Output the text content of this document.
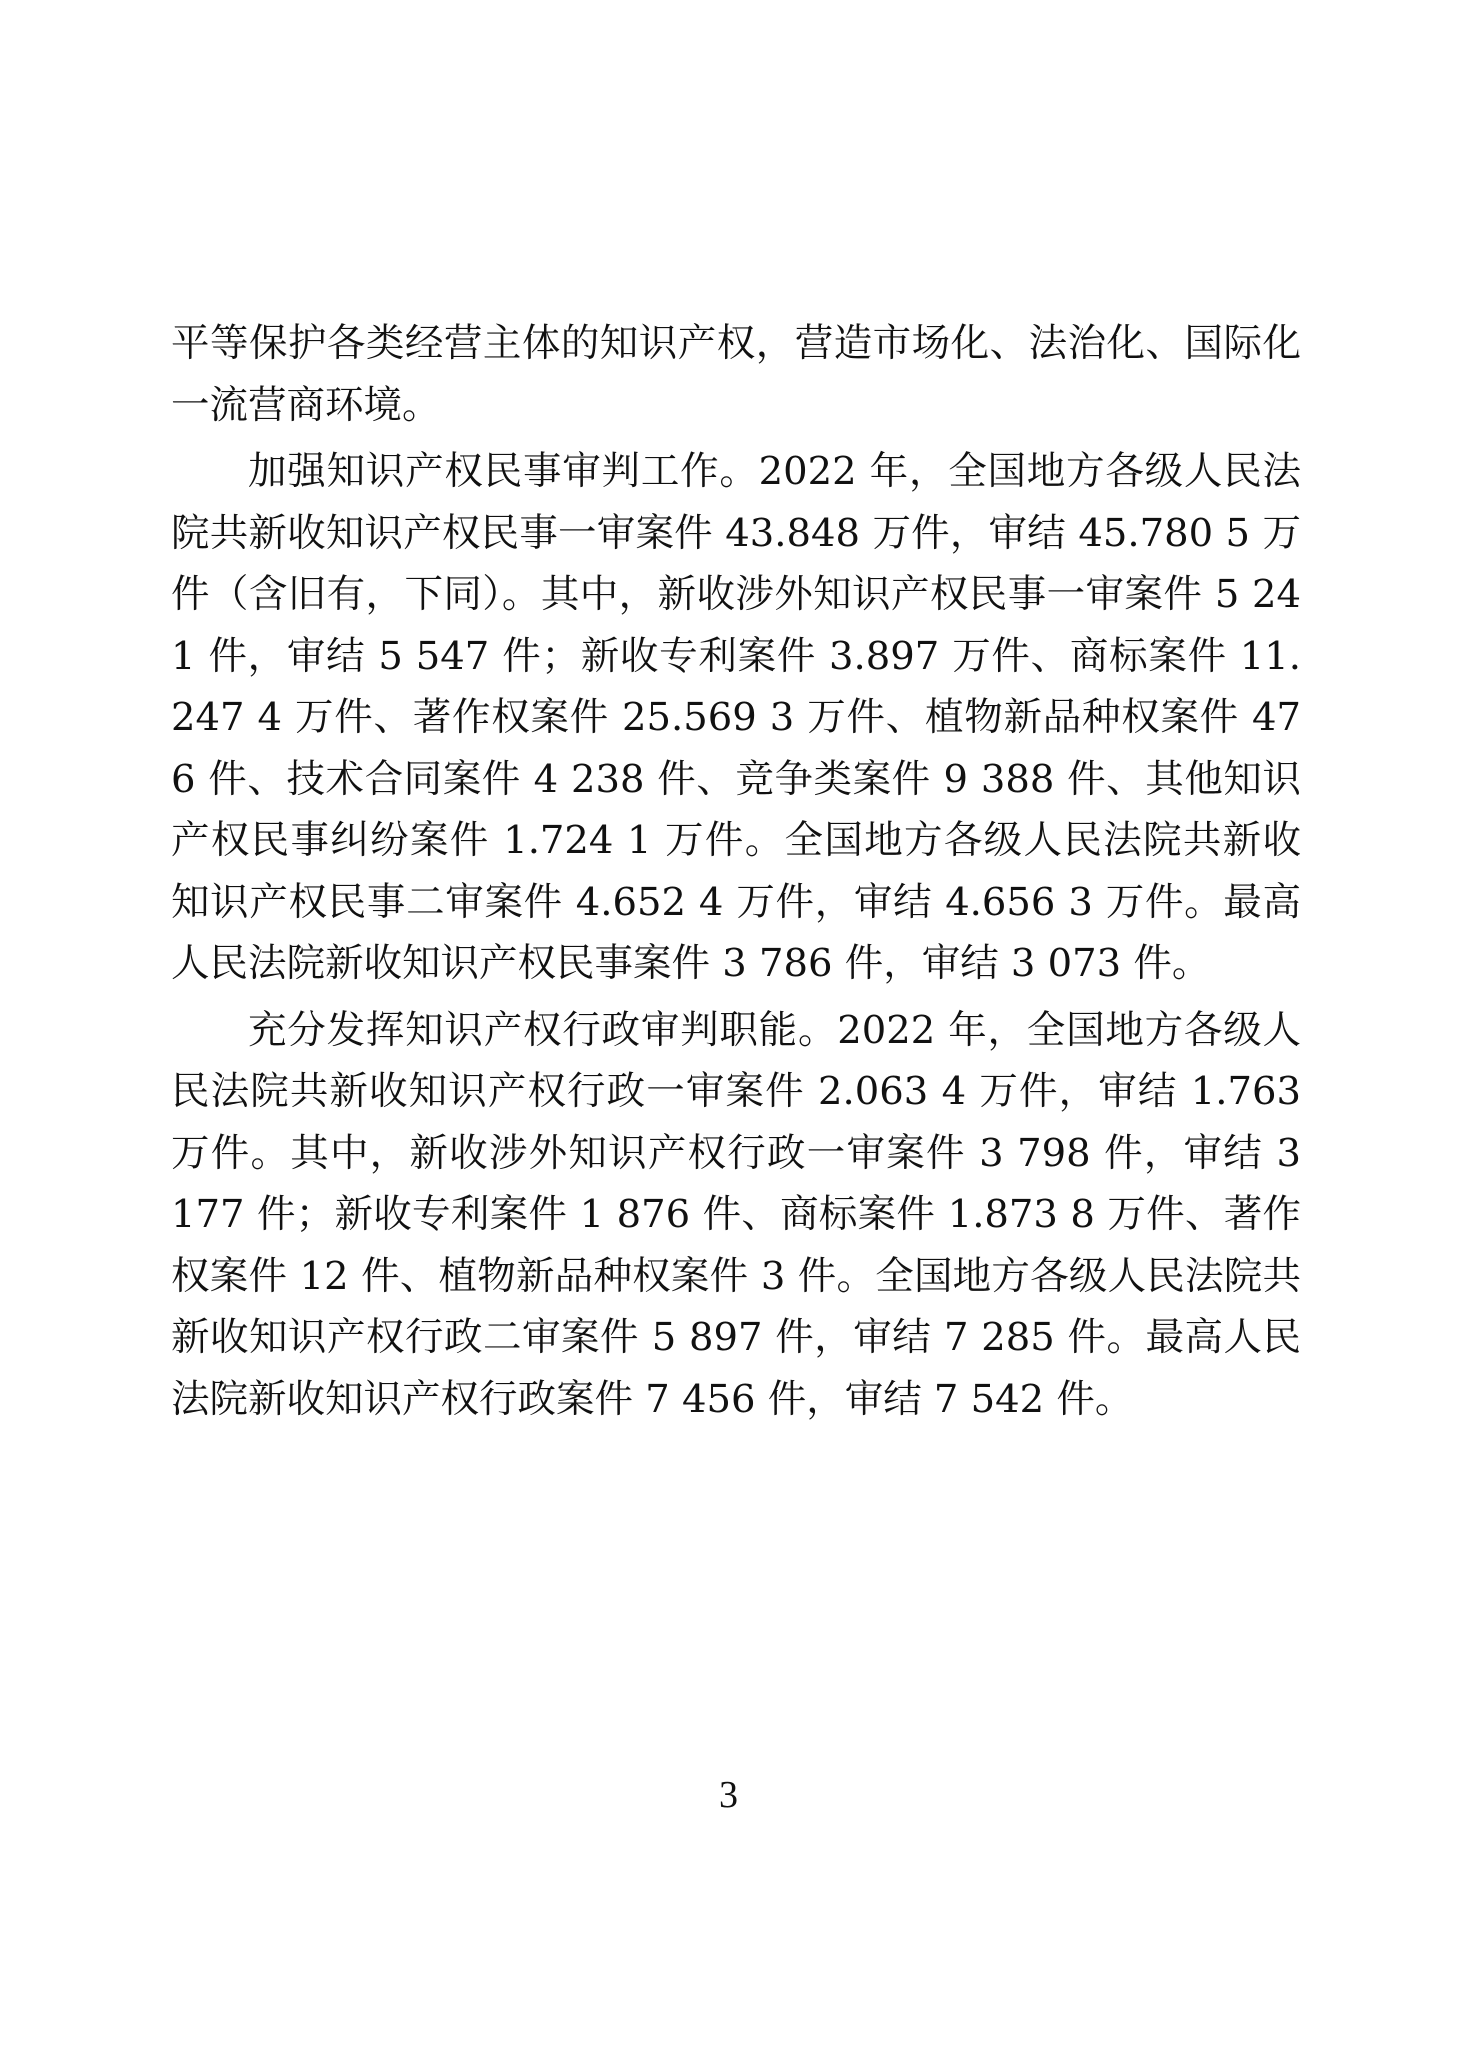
平等保护各类经营主体的知识产权，营造市场化、法治化、国际化一流营商环境。

加强知识产权民事审判工作。2022 年，全国地方各级人民法院共新收知识产权民事一审案件 43.848 万件，审结 45.780 5 万件（含旧有，下同）。其中，新收涉外知识产权民事一审案件 5 241 件，审结 5 547 件；新收专利案件 3.897 万件、商标案件 11.247 4 万件、著作权案件 25.569 3 万件、植物新品种权案件 476 件、技术合同案件 4 238 件、竞争类案件 9 388 件、其他知识产权民事纠纷案件 1.724 1 万件。全国地方各级人民法院共新收知识产权民事二审案件 4.652 4 万件，审结 4.656 3 万件。最高人民法院新收知识产权民事案件 3 786 件，审结 3 073 件。

充分发挥知识产权行政审判职能。2022 年，全国地方各级人民法院共新收知识产权行政一审案件 2.063 4 万件，审结 1.763 万件。其中，新收涉外知识产权行政一审案件 3 798 件，审结 3 177 件；新收专利案件 1 876 件、商标案件 1.873 8 万件、著作权案件 12 件、植物新品种权案件 3 件。全国地方各级人民法院共新收知识产权行政二审案件 5 897 件，审结 7 285 件。最高人民法院新收知识产权行政案件 7 456 件，审结 7 542 件。

3
